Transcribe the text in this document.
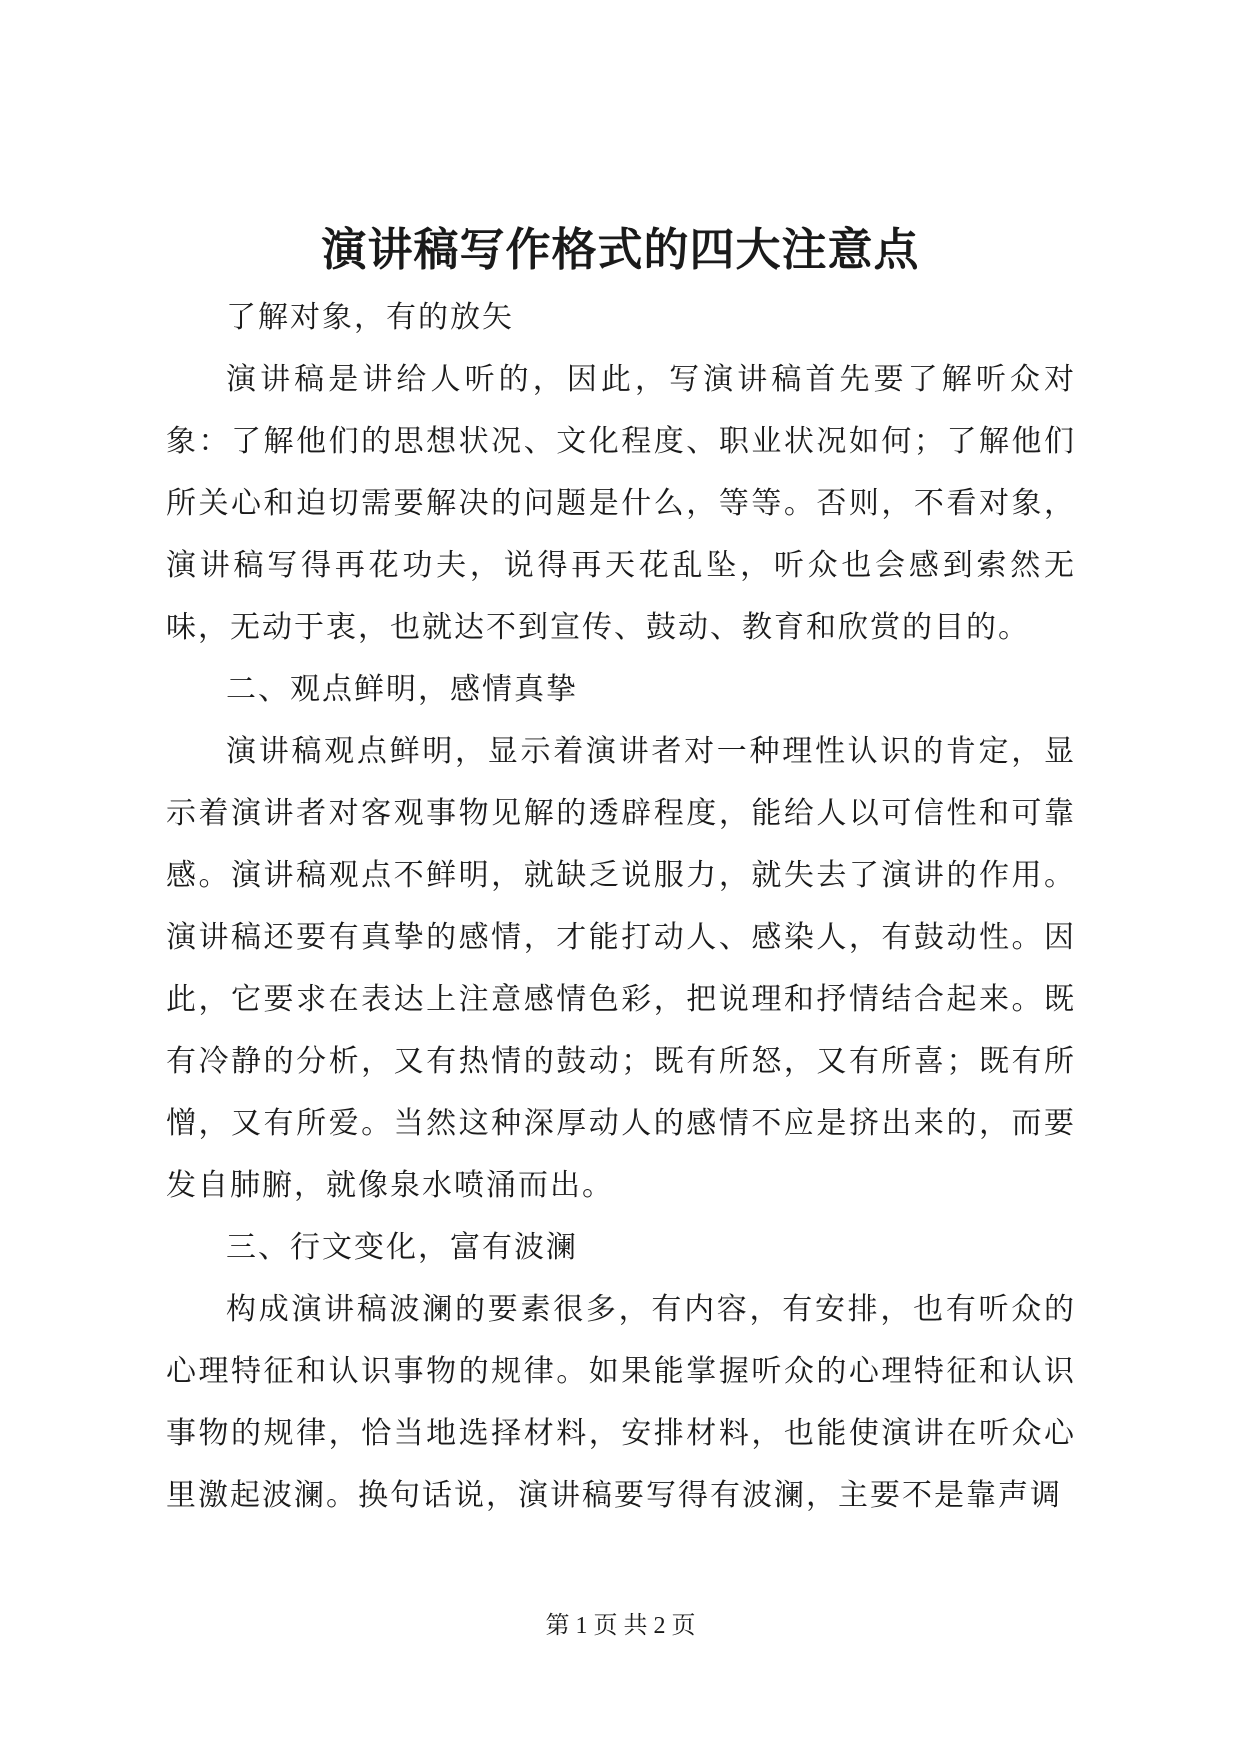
演讲稿写作格式的四大注意点

了解对象，有的放矢

演讲稿是讲给人听的，因此，写演讲稿首先要了解听众对象：了解他们的思想状况、文化程度、职业状况如何；了解他们所关心和迫切需要解决的问题是什么，等等。否则，不看对象，演讲稿写得再花功夫，说得再天花乱坠，听众也会感到索然无味，无动于衷，也就达不到宣传、鼓动、教育和欣赏的目的。

二、观点鲜明，感情真挚

演讲稿观点鲜明，显示着演讲者对一种理性认识的肯定，显示着演讲者对客观事物见解的透辟程度，能给人以可信性和可靠感。演讲稿观点不鲜明，就缺乏说服力，就失去了演讲的作用。演讲稿还要有真挚的感情，才能打动人、感染人，有鼓动性。因此，它要求在表达上注意感情色彩，把说理和抒情结合起来。既有冷静的分析，又有热情的鼓动；既有所怒，又有所喜；既有所憎，又有所爱。当然这种深厚动人的感情不应是挤出来的，而要发自肺腑，就像泉水喷涌而出。

三、行文变化，富有波澜

构成演讲稿波澜的要素很多，有内容，有安排，也有听众的心理特征和认识事物的规律。如果能掌握听众的心理特征和认识事物的规律，恰当地选择材料，安排材料，也能使演讲在听众心里激起波澜。换句话说，演讲稿要写得有波澜，主要不是靠声调

第 1 页 共 2 页
